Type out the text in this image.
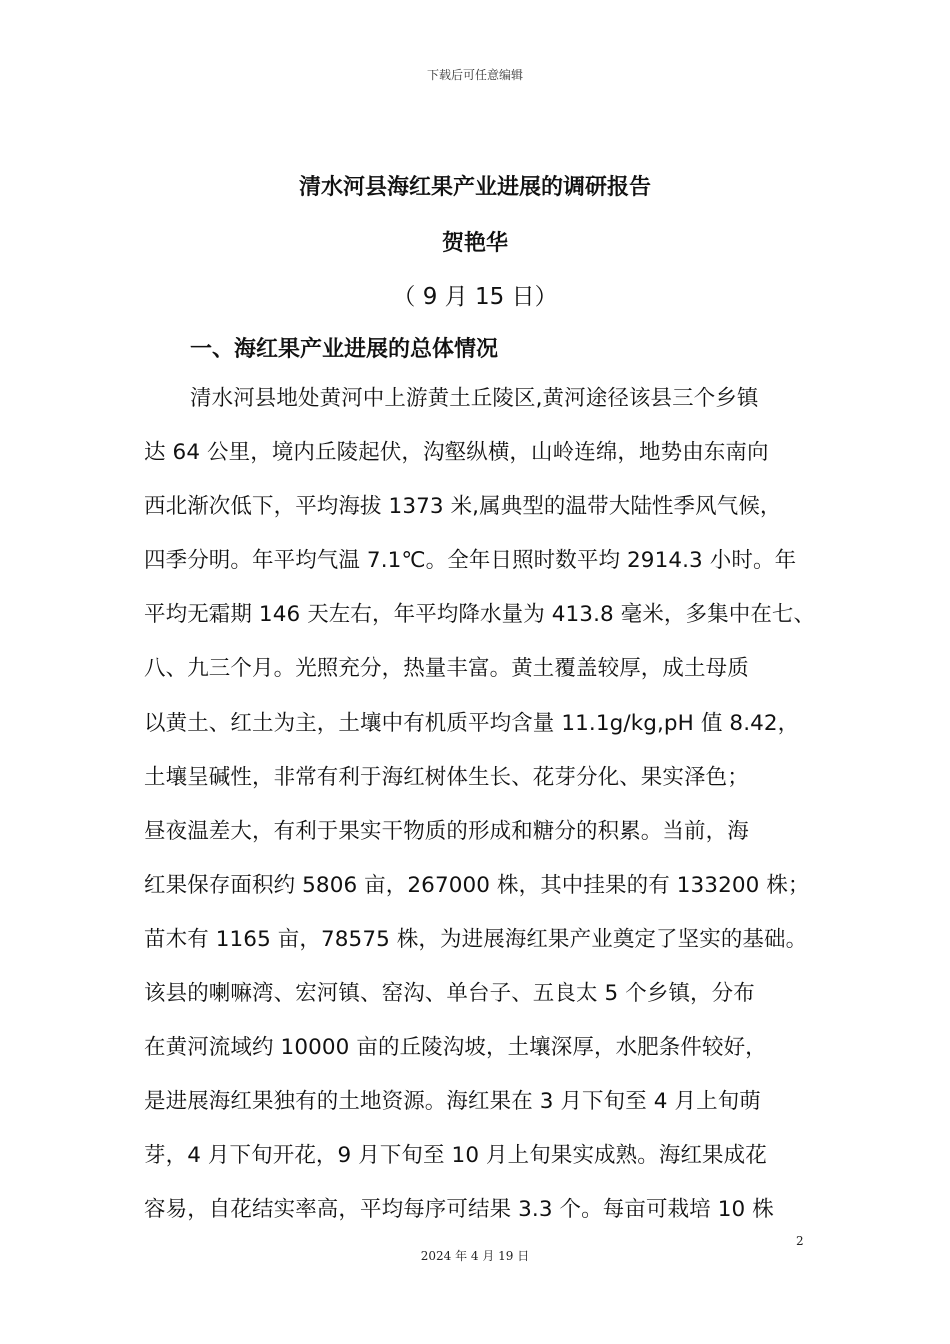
下载后可任意编辑
清水河县海红果产业进展的调研报告
贺艳华
（ 9 月 15 日）
一、海红果产业进展的总体情况
清水河县地处黄河中上游黄土丘陵区,黄河途径该县三个乡镇
达 64 公里，境内丘陵起伏，沟壑纵横，山岭连绵，地势由东南向
西北渐次低下，平均海拔 1373 米,属典型的温带大陆性季风气候，
四季分明。年平均气温 7.1℃。全年日照时数平均 2914.3 小时。年
平均无霜期 146 天左右，年平均降水量为 413.8 毫米，多集中在七、
八、九三个月。光照充分，热量丰富。黄土覆盖较厚，成土母质
以黄土、红土为主，土壤中有机质平均含量 11.1g/kg,pH 值 8.42，
土壤呈碱性，非常有利于海红树体生长、花芽分化、果实泽色；
昼夜温差大，有利于果实干物质的形成和糖分的积累。当前，海
红果保存面积约 5806 亩，267000 株，其中挂果的有 133200 株；
苗木有 1165 亩，78575 株，为进展海红果产业奠定了坚实的基础。
该县的喇嘛湾、宏河镇、窑沟、单台子、五良太 5 个乡镇，分布
在黄河流域约 10000 亩的丘陵沟坡，土壤深厚，水肥条件较好，
是进展海红果独有的土地资源。海红果在 3 月下旬至 4 月上旬萌
芽，4 月下旬开花，9 月下旬至 10 月上旬果实成熟。海红果成花
容易，自花结实率高，平均每序可结果 3.3 个。每亩可栽培 10 株
2
2024 年 4 月 19 日
